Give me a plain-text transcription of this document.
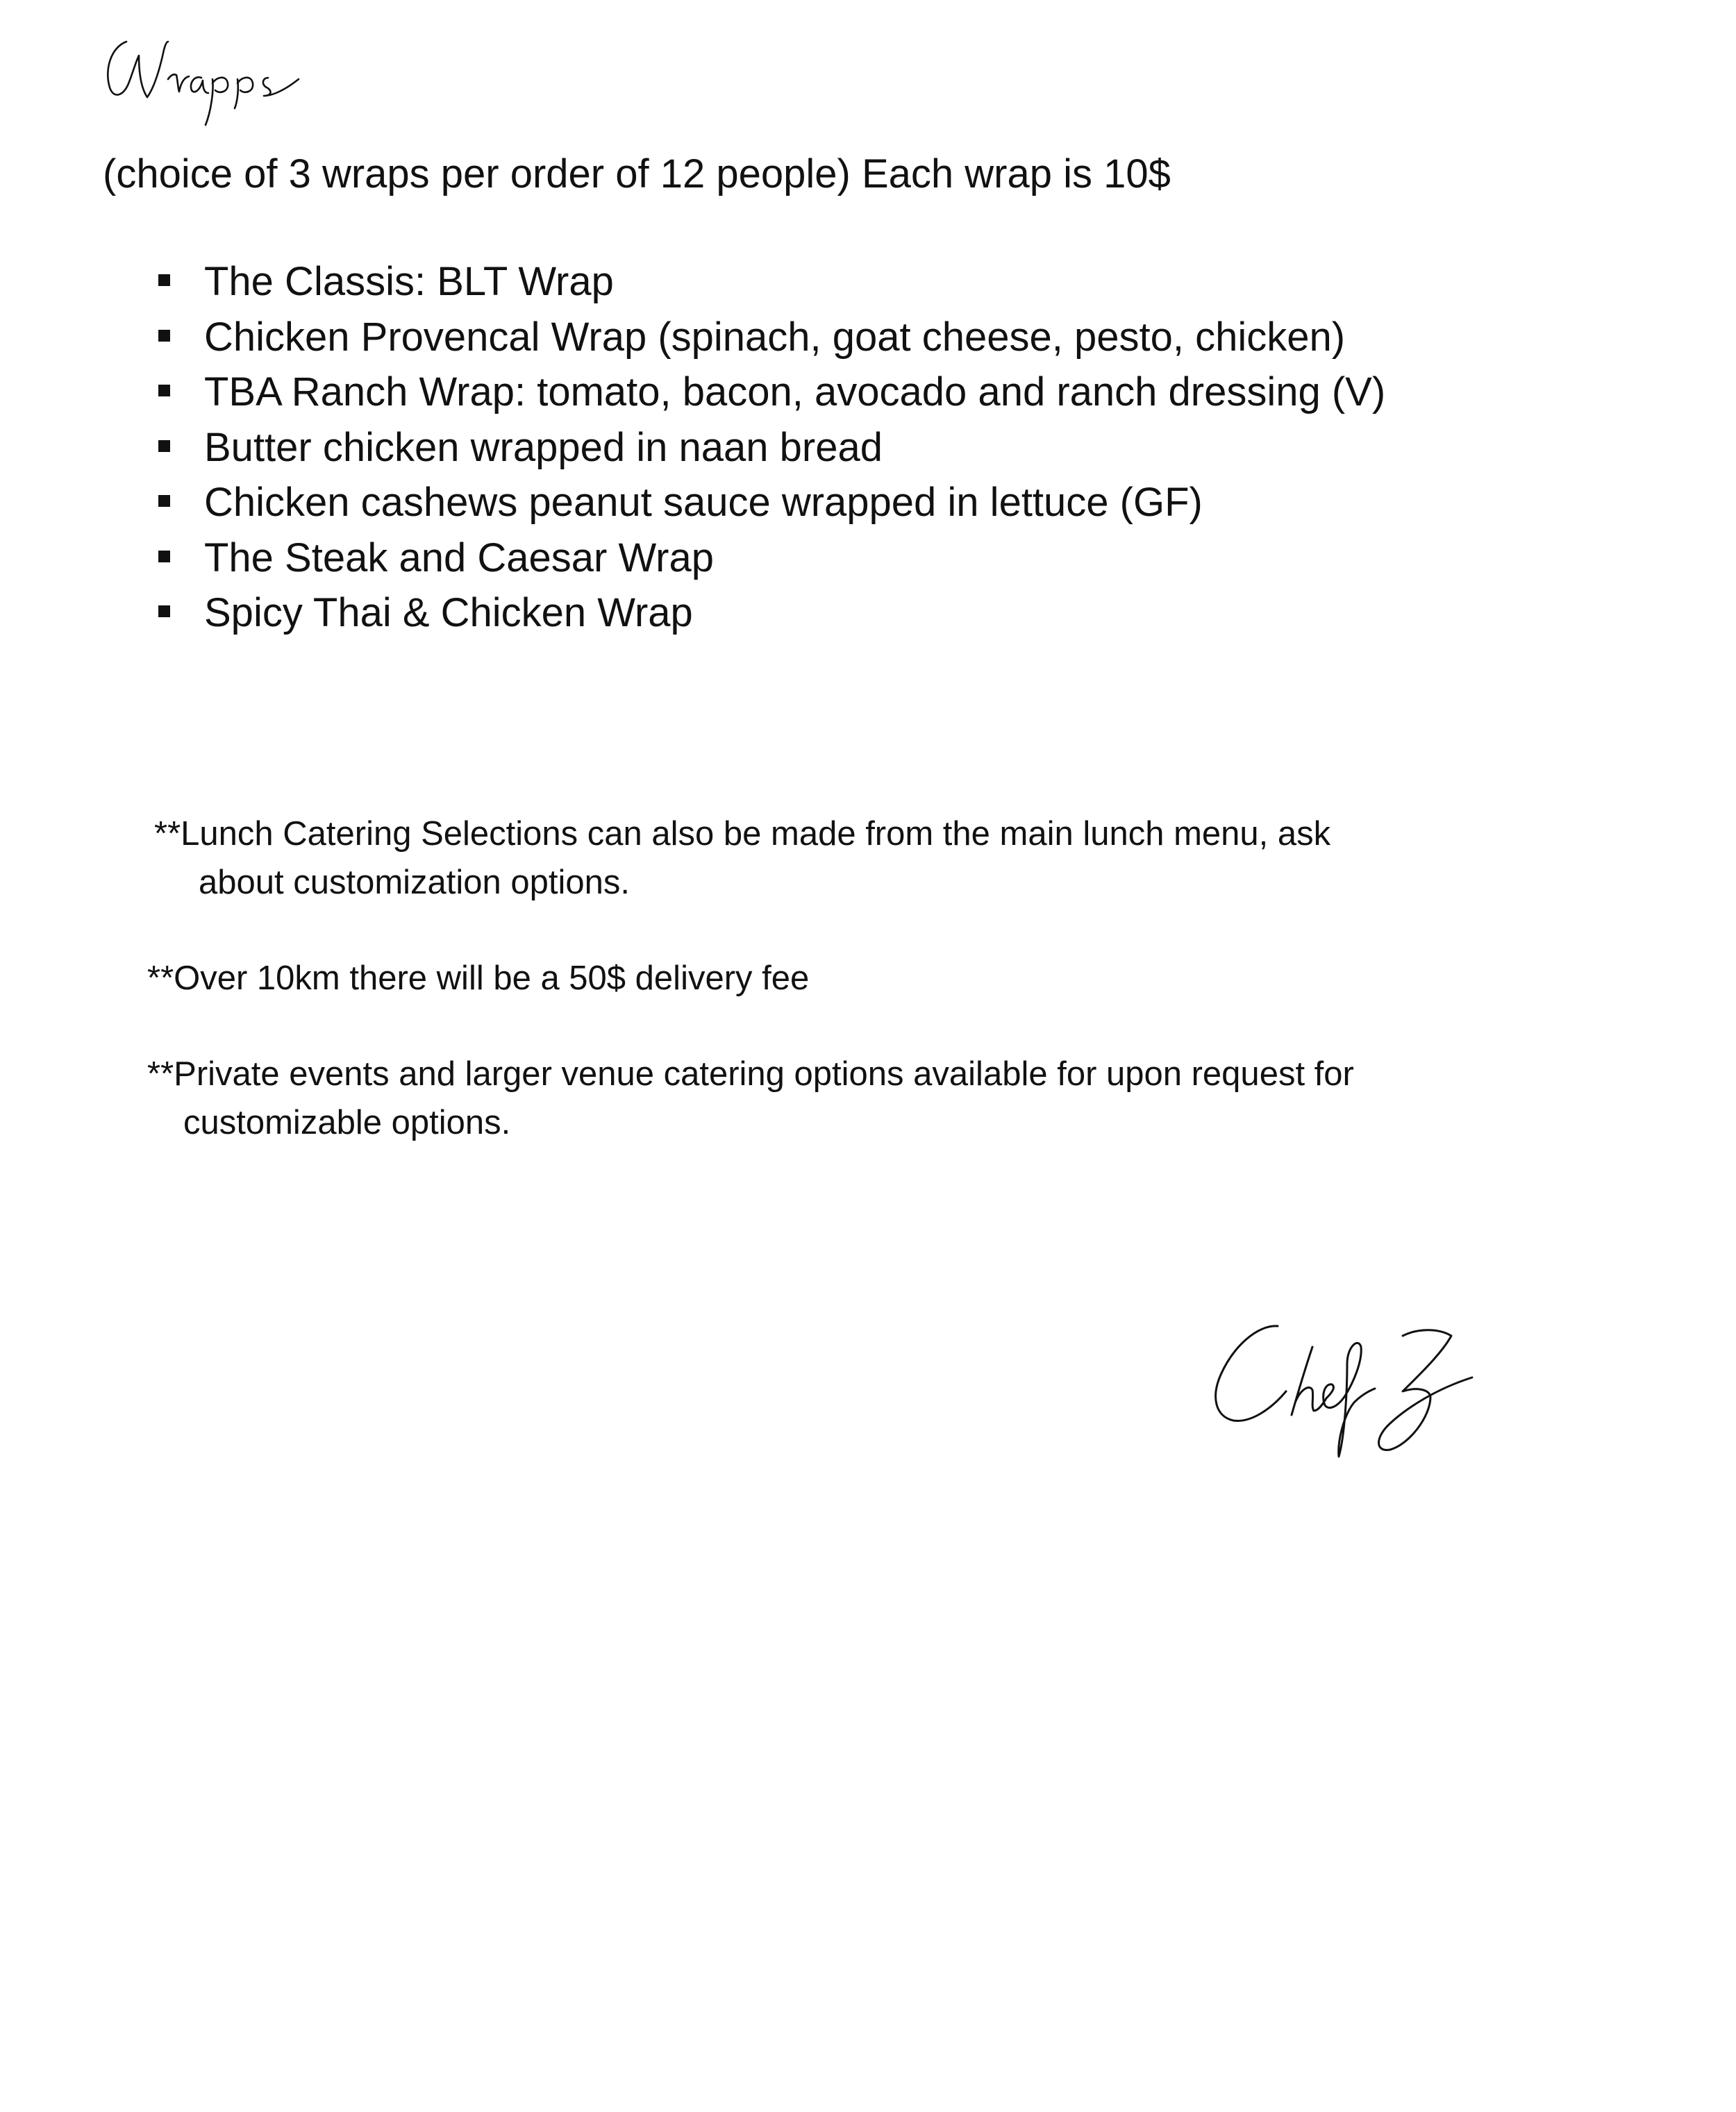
(choice of 3 wraps per order of 12 people) Each wrap is 10$
The Classis: BLT Wrap
Chicken Provencal Wrap (spinach, goat cheese, pesto, chicken)
TBA Ranch Wrap: tomato, bacon, avocado and ranch dressing (V)
Butter chicken wrapped in naan bread
Chicken cashews peanut sauce wrapped in lettuce (GF)
The Steak and Caesar Wrap
Spicy Thai & Chicken Wrap
**Lunch Catering Selections can also be made from the main lunch menu, ask
about customization options.
**Over 10km there will be a 50$ delivery fee
**Private events and larger venue catering options available for upon request for
customizable options.
